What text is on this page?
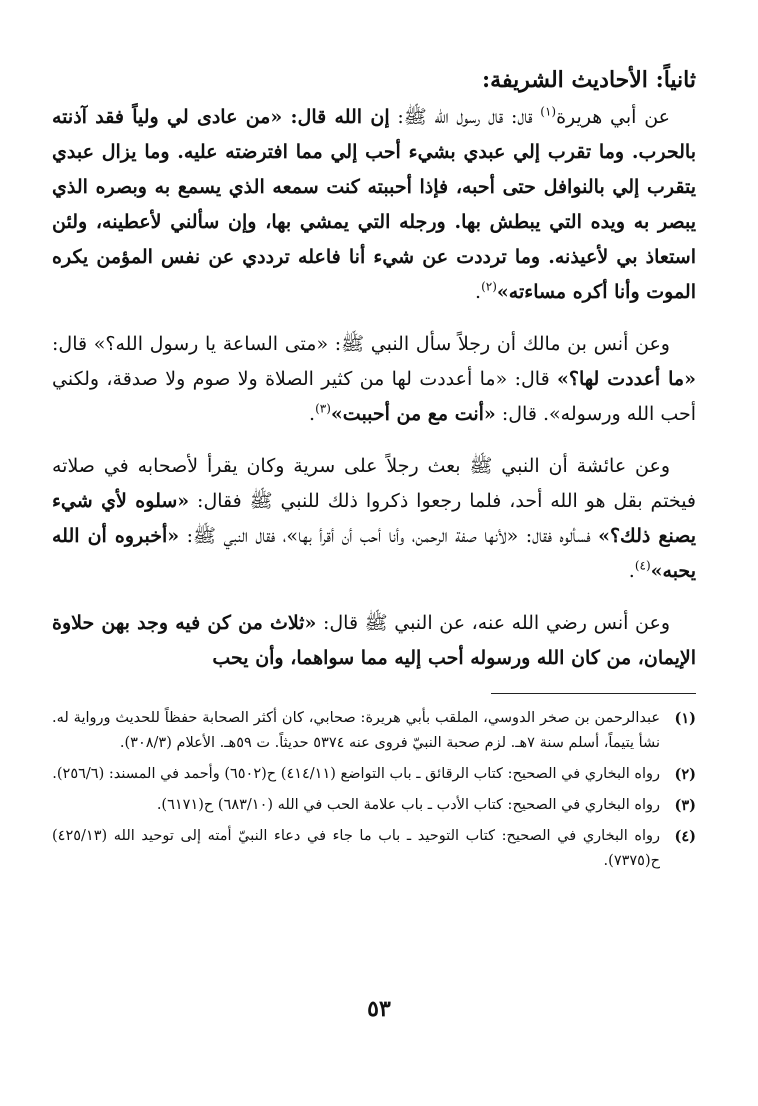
ثانياً: الأحاديث الشريفة:

عن أبي هريرة$^{(١)}$ قال: قال رسول الله ﷺ: إن الله قال: «من عادى لي ولياً فقد آذنته بالحرب. وما تقرب إلي عبدي بشيء أحب إلي مما افترضته عليه. وما يزال عبدي يتقرب إلي بالنوافل حتى أحبه، فإذا أحببته كنت سمعه الذي يسمع به وبصره الذي يبصر به ويده التي يبطش بها. ورجله التي يمشي بها، وإن سألني لأعطينه، ولئن استعاذ بي لأعيذنه. وما ترددت عن شيء أنا فاعله ترددي عن نفس المؤمن يكره الموت وأنا أكره مساءته»$^{(٢)}$.

وعن أنس بن مالك أن رجلاً سأل النبي ﷺ: «متى الساعة يا رسول الله؟» قال: «ما أعددت لها؟» قال: «ما أعددت لها من كثير الصلاة ولا صوم ولا صدقة، ولكني أحب الله ورسوله». قال: «أنت مع من أحببت»$^{(٣)}$.

وعن عائشة أن النبي ﷺ بعث رجلاً على سرية وكان يقرأ لأصحابه في صلاته فيختم بقل هو الله أحد، فلما رجعوا ذكروا ذلك للنبي ﷺ فقال: «سلوه لأي شيء يصنع ذلك؟» فسألوه فقال: «لأنها صفة الرحمن، وأنا أحب أن أقرأ بها»، فقال النبي ﷺ: «أخبروه أن الله يحبه»$^{(٤)}$.

وعن أنس رضي الله عنه، عن النبي ﷺ قال: «ثلاث من كن فيه وجد بهن حلاوة الإيمان، من كان الله ورسوله أحب إليه مما سواهما، وأن يحب

(١)
عبدالرحمن بن صخر الدوسي، الملقب بأبي هريرة: صحابي، كان أكثر الصحابة حفظاً للحديث ورواية له. نشأ يتيماً، أسلم سنة ٧هـ. لزم صحبة النبيّ فروى عنه ٥٣٧٤ حديثاً. ت ٥٩هـ. الأعلام (٣٠٨/٣).
(٢)
رواه البخاري في الصحيح: كتاب الرقائق ـ باب التواضع (٤١٤/١١) ح(٦٥٠٢) وأحمد في المسند: (٢٥٦/٦).
(٣)
رواه البخاري في الصحيح: كتاب الأدب ـ باب علامة الحب في الله (٦٨٣/١٠) ح(٦١٧١).
(٤)
رواه البخاري في الصحيح: كتاب التوحيد ـ باب ما جاء في دعاء النبيّ أمته إلى توحيد الله (٤٢٥/١٣) ح(٧٣٧٥).
٥٣
